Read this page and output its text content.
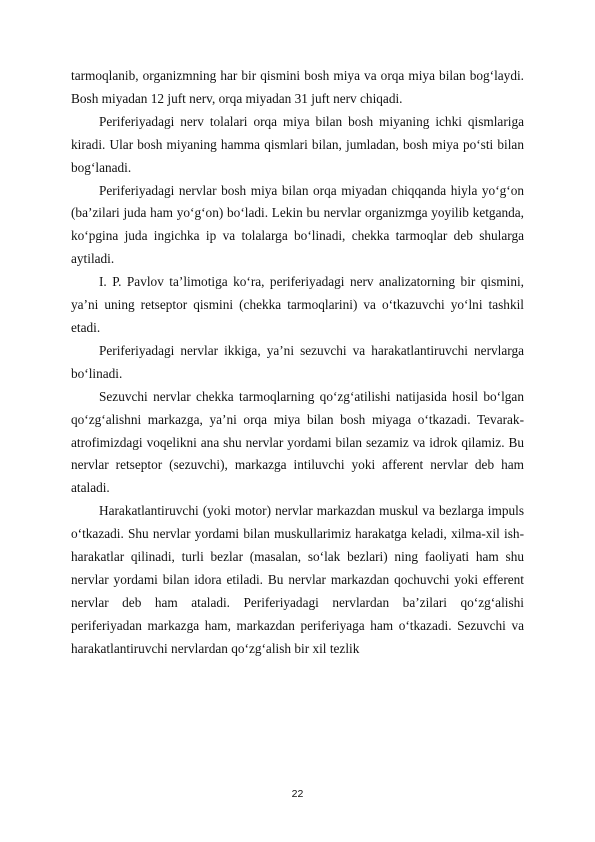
tarmoqlanib, organizmning har bir qismini bosh miya va orqa miya bilan bog‘laydi. Bosh miyadan 12 juft nerv, orqa miyadan 31 juft nerv chiqadi.

Periferiyadagi nerv tolalari orqa miya bilan bosh miyaning ichki qismlariga kiradi. Ular bosh miyaning hamma qismlari bilan, jumladan, bosh miya po‘sti bilan bog‘lanadi.

Periferiyadagi nervlar bosh miya bilan orqa miyadan chiqqanda hiyla yo‘g‘on (ba’zilari juda ham yo‘g‘on) bo‘ladi. Lekin bu nervlar organizmga yoyilib ketganda, ko‘pgina juda ingichka ip va tolalarga bo‘linadi, chekka tarmoqlar deb shularga aytiladi.

I. P. Pavlov ta’limotiga ko‘ra, periferiyadagi nerv analizatorning bir qismini, ya’ni uning retseptor qismini (chekka tarmoqlarini) va o‘tkazuvchi yo‘lni tashkil etadi.

Periferiyadagi nervlar ikkiga, ya’ni sezuvchi va harakatlantiruvchi nervlarga bo‘linadi.

Sezuvchi nervlar chekka tarmoqlarning qo‘zg‘atilishi natijasida hosil bo‘lgan qo‘zg‘alishni markazga, ya’ni orqa miya bilan bosh miyaga o‘tkazadi. Tevarak-atrofimizdagi voqelikni ana shu nervlar yordami bilan sezamiz va idrok qilamiz. Bu nervlar retseptor (sezuvchi), markazga intiluvchi yoki afferent nervlar deb ham ataladi.

Harakatlantiruvchi (yoki motor) nervlar markazdan muskul va bezlarga impuls o‘tkazadi. Shu nervlar yordami bilan muskullarimiz harakatga keladi, xilma-xil ish-harakatlar qilinadi, turli bezlar (masalan, so‘lak bezlari) ning faoliyati ham shu nervlar yordami bilan idora etiladi. Bu nervlar markazdan qochuvchi yoki efferent nervlar deb ham ataladi. Periferiyadagi nervlardan ba’zilari qo‘zg‘alishi periferiyadan markazga ham, markazdan periferiyaga ham o‘tkazadi. Sezuvchi va harakatlantiruvchi nervlardan qo‘zg‘alish bir xil tezlik

22
